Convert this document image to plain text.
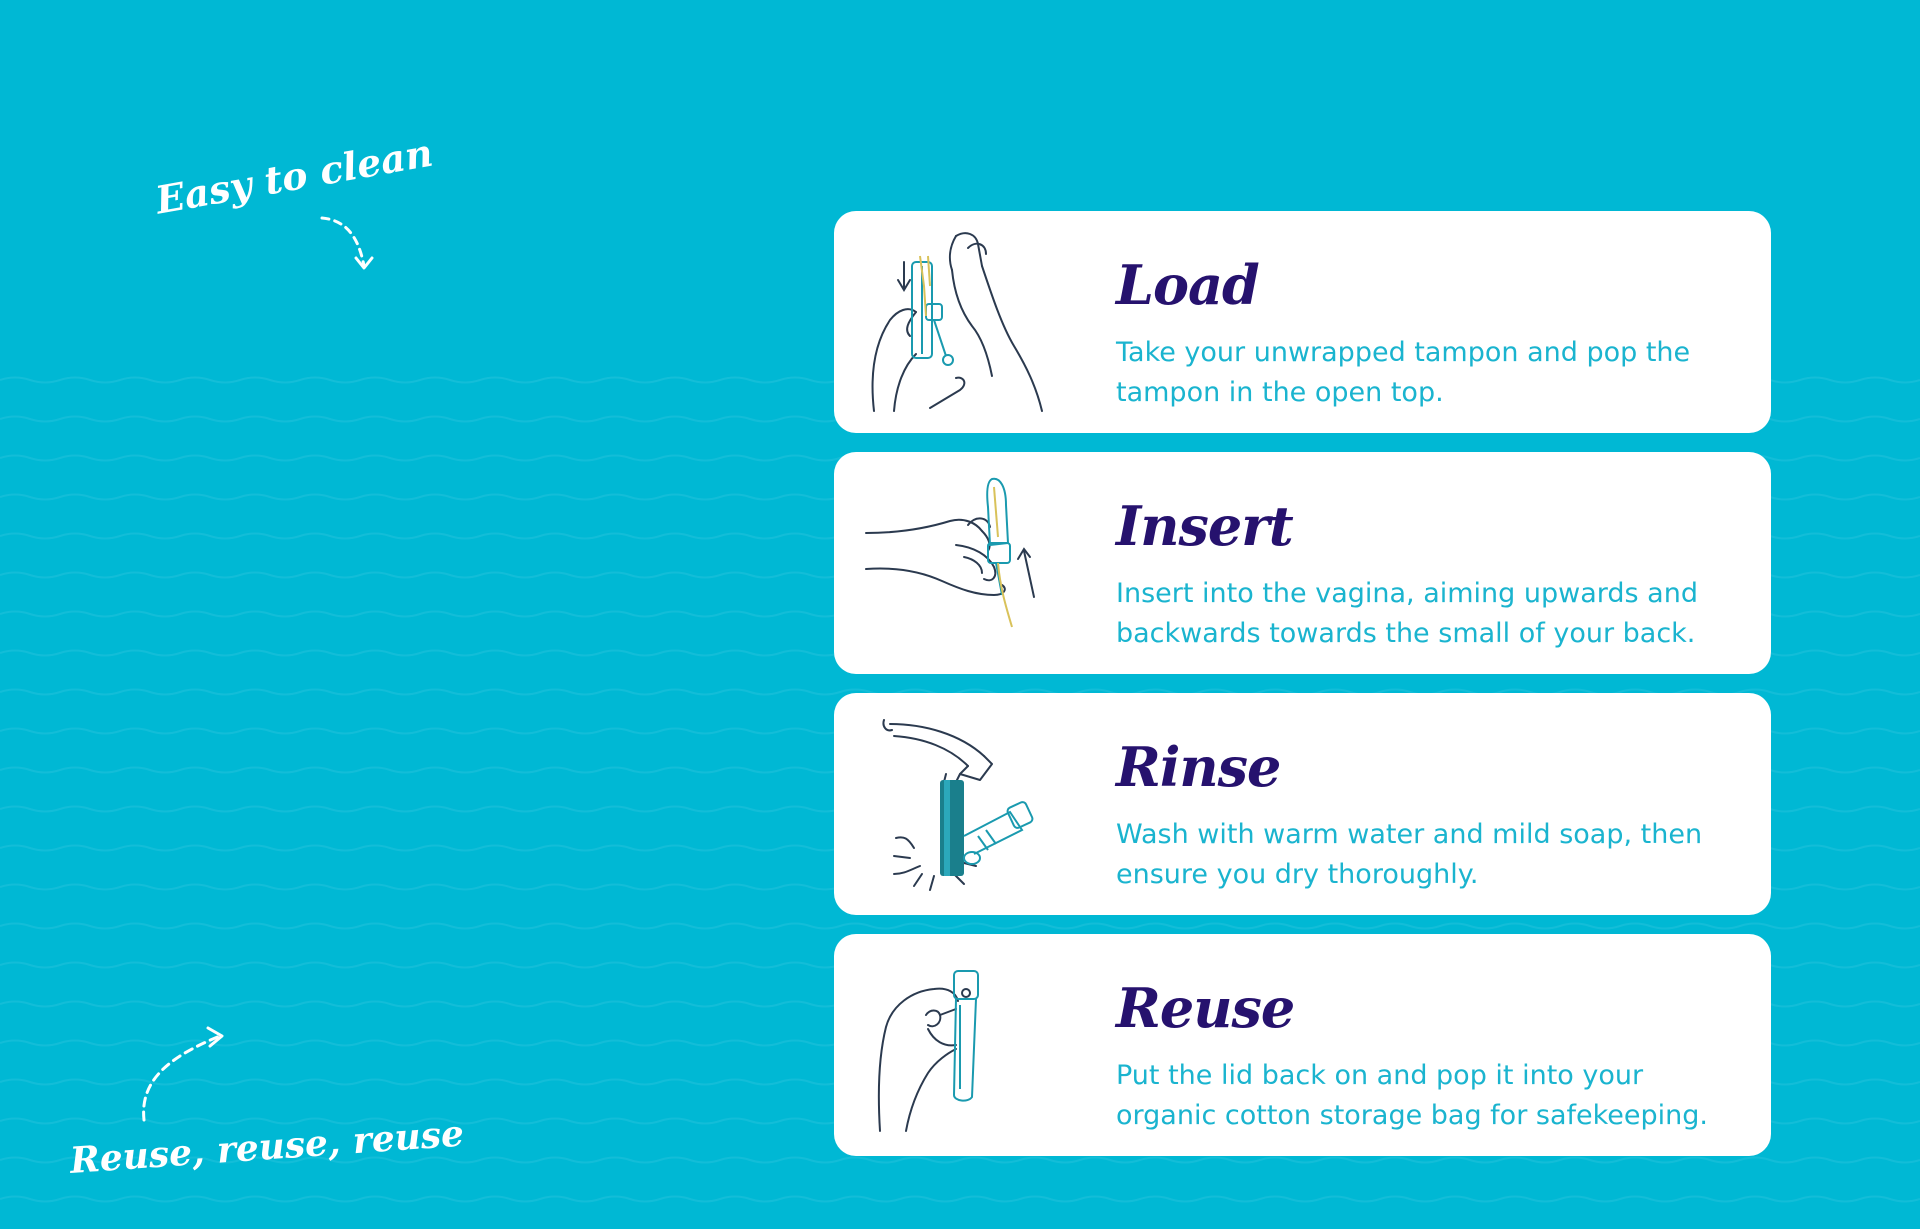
Easy to clean
Reuse, reuse, reuse
Load
Take your unwrapped tampon and pop the tampon in the open top.
Insert
Insert into the vagina, aiming upwards and backwards towards the small of your back.
Rinse
Wash with warm water and mild soap, then ensure you dry thoroughly.
Reuse
Put the lid back on and pop it into your organic cotton storage bag for safekeeping.
